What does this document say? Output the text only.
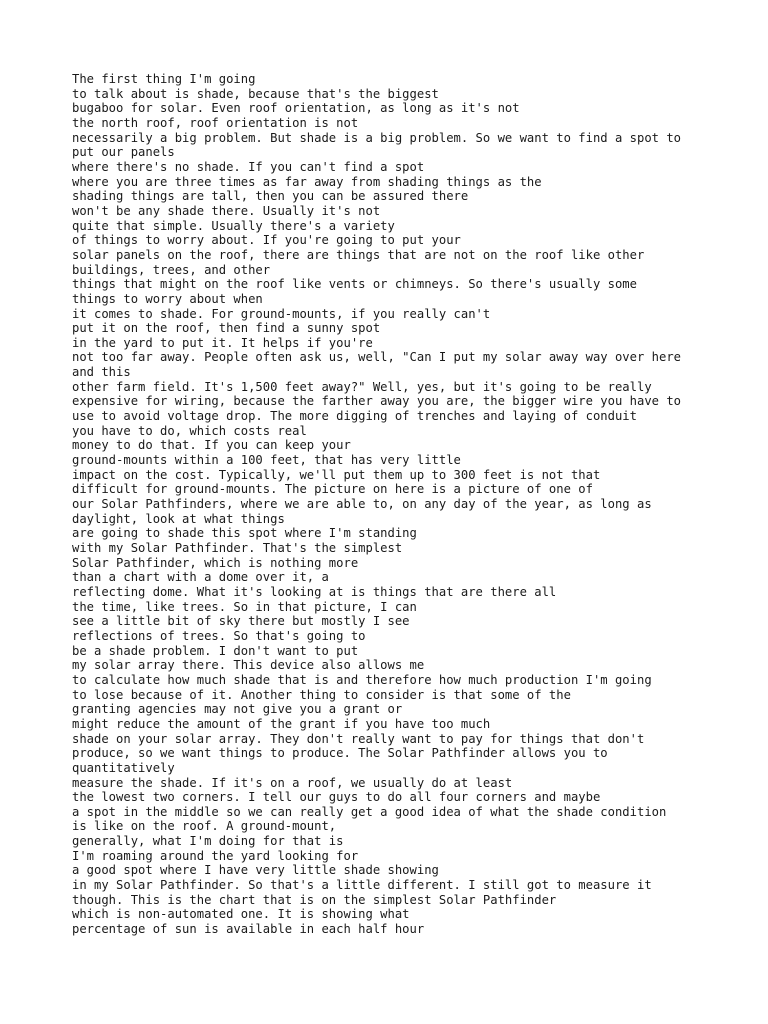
The first thing I'm going
to talk about is shade, because that's the biggest
bugaboo for solar. Even roof orientation, as long as it's not
the north roof, roof orientation is not
necessarily a big problem. But shade is a big problem. So we want to find a spot to
put our panels
where there's no shade. If you can't find a spot
where you are three times as far away from shading things as the
shading things are tall, then you can be assured there
won't be any shade there. Usually it's not
quite that simple. Usually there's a variety
of things to worry about. If you're going to put your
solar panels on the roof, there are things that are not on the roof like other
buildings, trees, and other
things that might on the roof like vents or chimneys. So there's usually some
things to worry about when
it comes to shade. For ground-mounts, if you really can't
put it on the roof, then find a sunny spot
in the yard to put it. It helps if you're
not too far away. People often ask us, well, "Can I put my solar away way over here
and this
other farm field. It's 1,500 feet away?" Well, yes, but it's going to be really
expensive for wiring, because the farther away you are, the bigger wire you have to
use to avoid voltage drop. The more digging of trenches and laying of conduit
you have to do, which costs real
money to do that. If you can keep your
ground-mounts within a 100 feet, that has very little
impact on the cost. Typically, we'll put them up to 300 feet is not that
difficult for ground-mounts. The picture on here is a picture of one of
our Solar Pathfinders, where we are able to, on any day of the year, as long as
daylight, look at what things
are going to shade this spot where I'm standing
with my Solar Pathfinder. That's the simplest
Solar Pathfinder, which is nothing more
than a chart with a dome over it, a
reflecting dome. What it's looking at is things that are there all
the time, like trees. So in that picture, I can
see a little bit of sky there but mostly I see
reflections of trees. So that's going to
be a shade problem. I don't want to put
my solar array there. This device also allows me
to calculate how much shade that is and therefore how much production I'm going
to lose because of it. Another thing to consider is that some of the
granting agencies may not give you a grant or
might reduce the amount of the grant if you have too much
shade on your solar array. They don't really want to pay for things that don't
produce, so we want things to produce. The Solar Pathfinder allows you to
quantitatively
measure the shade. If it's on a roof, we usually do at least
the lowest two corners. I tell our guys to do all four corners and maybe
a spot in the middle so we can really get a good idea of what the shade condition
is like on the roof. A ground-mount,
generally, what I'm doing for that is
I'm roaming around the yard looking for
a good spot where I have very little shade showing
in my Solar Pathfinder. So that's a little different. I still got to measure it
though. This is the chart that is on the simplest Solar Pathfinder
which is non-automated one. It is showing what
percentage of sun is available in each half hour
